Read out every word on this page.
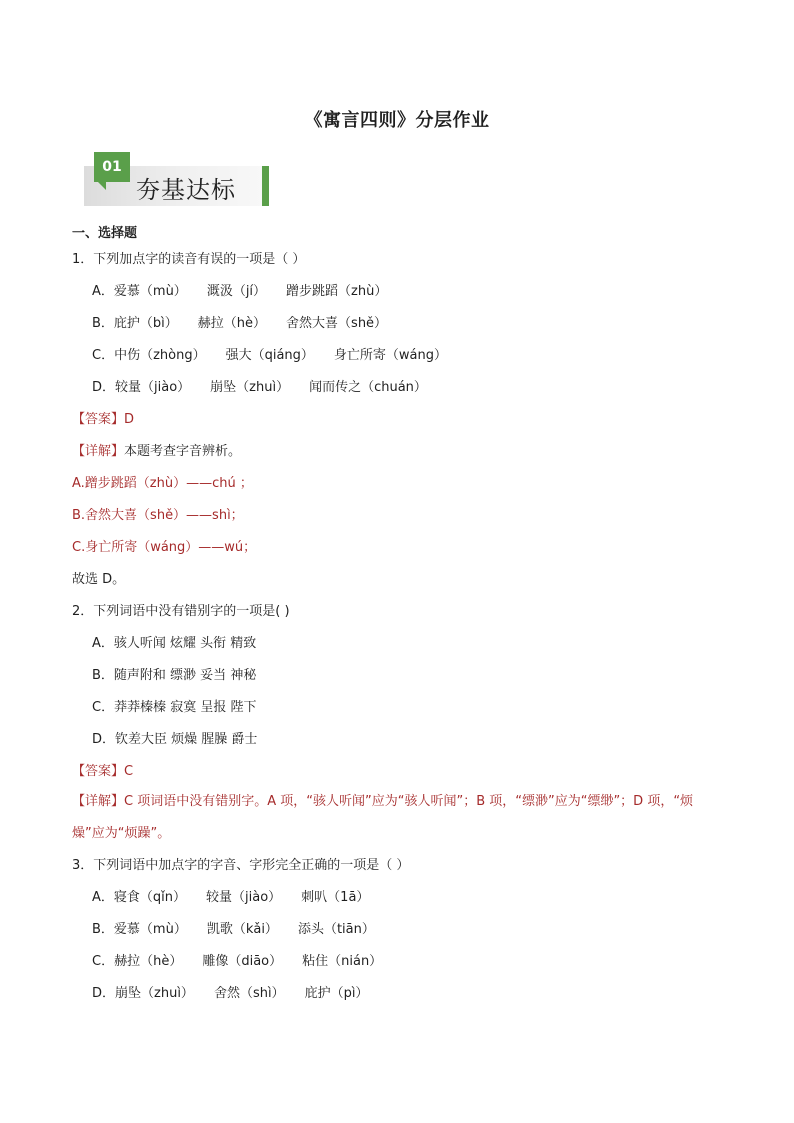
《寓言四则》分层作业
01
夯基达标
一、选择题
1．下列加点字的读音有误的一项是（ ）
A．爱慕（mù） 溉汲（jí） 蹭步跳蹈（zhù）
B．庇护（bì） 赫拉（hè） 舍然大喜（shě）
C．中伤（zhòng） 强大（qiáng） 身亡所寄（wáng）
D．较量（jiào） 崩坠（zhuì） 闻而传之（chuán）
【答案】D
【详解】本题考查字音辨析。
A.蹭步跳蹈（zhù）——chú ；
B.舍然大喜（shě）——shì；
C.身亡所寄（wáng）——wú；
故选 D。
2．下列词语中没有错别字的一项是( )
A．骇人听闻 炫耀 头衔 精致
B．随声附和 缥渺 妥当 神秘
C．莽莽榛榛 寂寞 呈报 陛下
D．钦差大臣 烦燥 腥臊 爵士
【答案】C
【详解】C 项词语中没有错别字。A 项，“骇人听闻”应为“骇人听闻”；B 项，“缥渺”应为“缥缈”；D 项，“烦燥”应为“烦躁”。
3．下列词语中加点字的字音、字形完全正确的一项是（ ）
A．寝食（qǐn） 较量（jiào） 刺叭（1ā）
B．爱慕（mù） 凯歌（kǎi） 添头（tiān）
C．赫拉（hè） 雕像（diāo） 粘住（nián）
D．崩坠（zhuì） 舍然（shì） 庇护（pì）
